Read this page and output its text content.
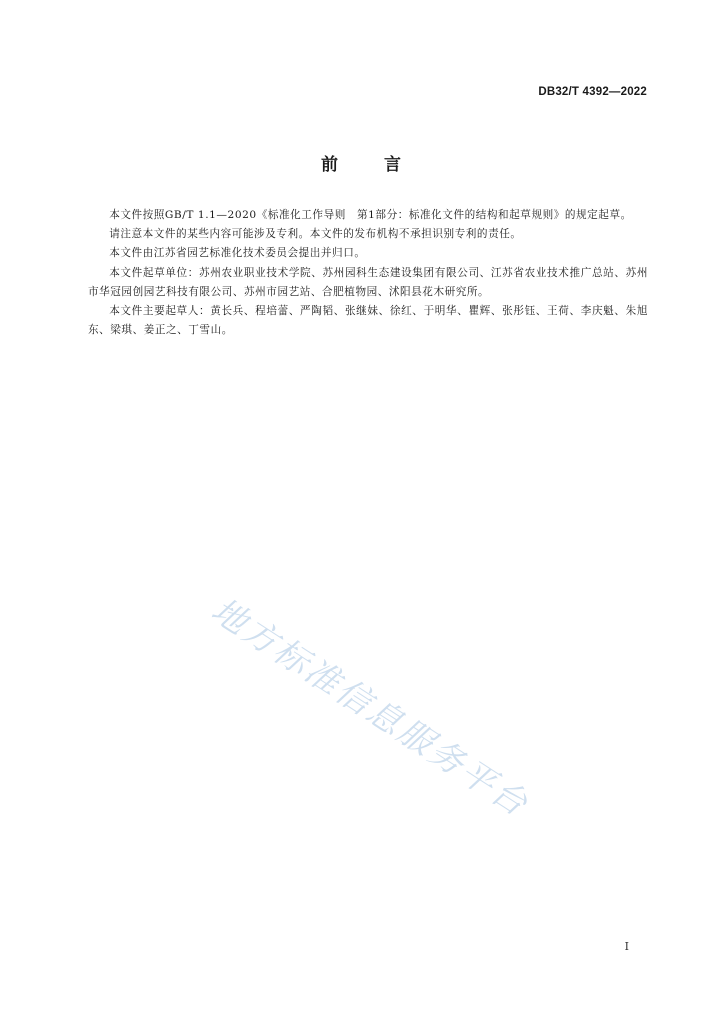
DB32/T 4392—2022
前	言

本文件按照GB/T 1.1—2020《标准化工作导则　第1部分：标准化文件的结构和起草规则》的规定起草。

请注意本文件的某些内容可能涉及专利。本文件的发布机构不承担识别专利的责任。

本文件由江苏省园艺标准化技术委员会提出并归口。

本文件起草单位：苏州农业职业技术学院、苏州园科生态建设集团有限公司、江苏省农业技术推广总站、苏州市华冠园创园艺科技有限公司、苏州市园艺站、合肥植物园、沭阳县花木研究所。

本文件主要起草人：黄长兵、程培蕾、严陶韬、张继妹、徐红、于明华、瞿辉、张彤钰、王荷、李庆魁、朱旭东、梁琪、姜正之、丁雪山。

地方标准信息服务平台
I
